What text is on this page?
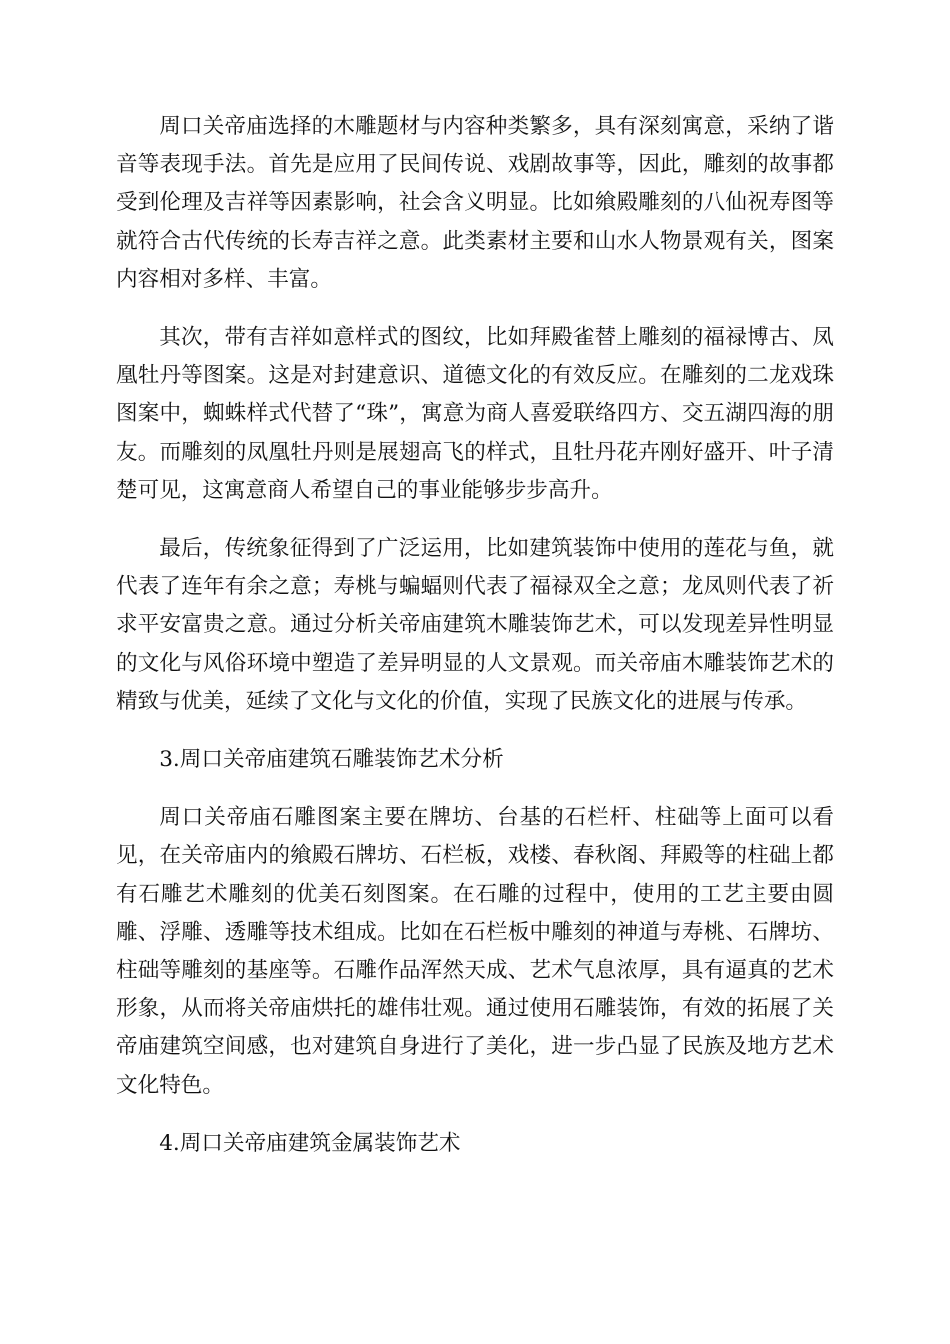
周口关帝庙选择的木雕题材与内容种类繁多，具有深刻寓意，采纳了谐音等表现手法。首先是应用了民间传说、戏剧故事等，因此，雕刻的故事都受到伦理及吉祥等因素影响，社会含义明显。比如飨殿雕刻的八仙祝寿图等就符合古代传统的长寿吉祥之意。此类素材主要和山水人物景观有关，图案内容相对多样、丰富。

其次，带有吉祥如意样式的图纹，比如拜殿雀替上雕刻的福禄博古、凤凰牡丹等图案。这是对封建意识、道德文化的有效反应。在雕刻的二龙戏珠图案中，蜘蛛样式代替了“珠”，寓意为商人喜爱联络四方、交五湖四海的朋友。而雕刻的凤凰牡丹则是展翅高飞的样式，且牡丹花卉刚好盛开、叶子清楚可见，这寓意商人希望自己的事业能够步步高升。

最后，传统象征得到了广泛运用，比如建筑装饰中使用的莲花与鱼，就代表了连年有余之意；寿桃与蝙蝠则代表了福禄双全之意；龙凤则代表了祈求平安富贵之意。通过分析关帝庙建筑木雕装饰艺术，可以发现差异性明显的文化与风俗环境中塑造了差异明显的人文景观。而关帝庙木雕装饰艺术的精致与优美，延续了文化与文化的价值，实现了民族文化的进展与传承。

3.周口关帝庙建筑石雕装饰艺术分析

周口关帝庙石雕图案主要在牌坊、台基的石栏杆、柱础等上面可以看见，在关帝庙内的飨殿石牌坊、石栏板，戏楼、春秋阁、拜殿等的柱础上都有石雕艺术雕刻的优美石刻图案。在石雕的过程中，使用的工艺主要由圆雕、浮雕、透雕等技术组成。比如在石栏板中雕刻的神道与寿桃、石牌坊、柱础等雕刻的基座等。石雕作品浑然天成、艺术气息浓厚，具有逼真的艺术形象，从而将关帝庙烘托的雄伟壮观。通过使用石雕装饰，有效的拓展了关帝庙建筑空间感，也对建筑自身进行了美化，进一步凸显了民族及地方艺术文化特色。

4.周口关帝庙建筑金属装饰艺术
